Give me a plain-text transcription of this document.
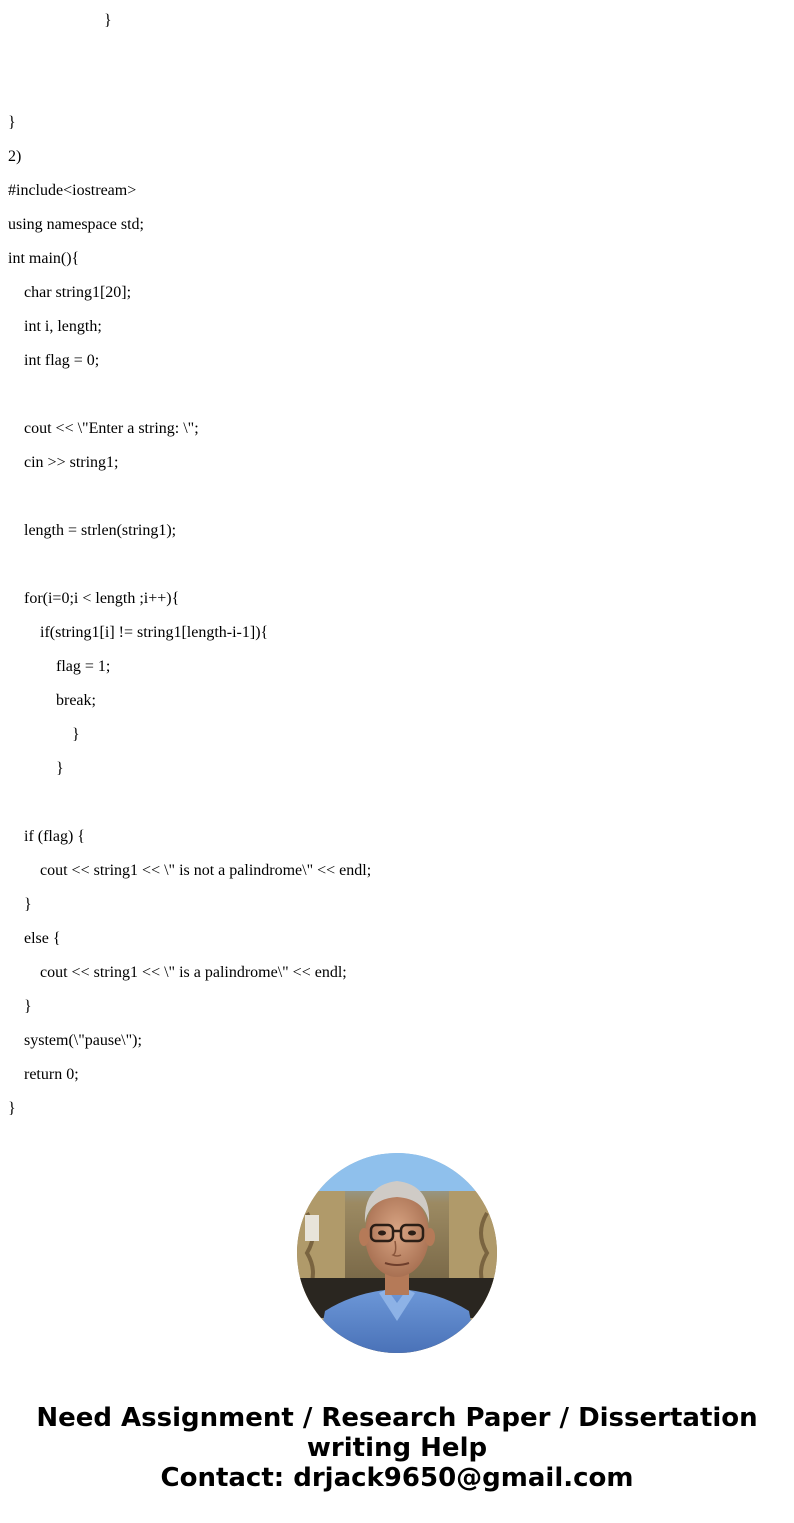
}
}
2)
#include<iostream>
using namespace std;
int main(){
char string1[20];
int i, length;
int flag = 0;
cout << \"Enter a string: \";
cin >> string1;
length = strlen(string1);
for(i=0;i < length ;i++){
if(string1[i] != string1[length-i-1]){
flag = 1;
break;
}
}
if (flag) {
cout << string1 << \" is not a palindrome\" << endl;
}
else {
cout << string1 << \" is a palindrome\" << endl;
}
system(\"pause\");
return 0;
}
Need Assignment / Research Paper / Dissertation
writing Help
Contact: drjack9650@gmail.com
